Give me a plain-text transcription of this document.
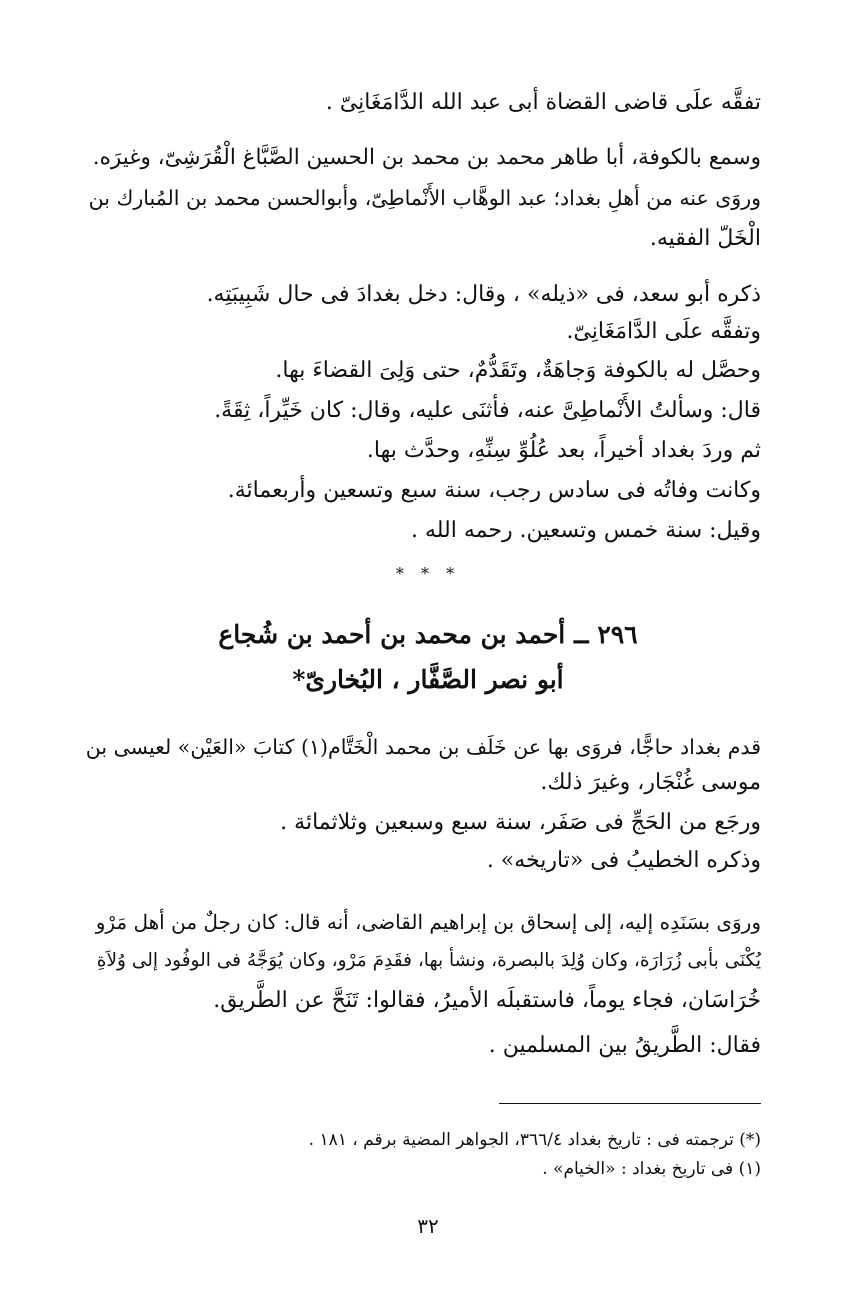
تفقَّه علَى قاضى القضاة أبى عبد الله الدَّامَغَانِىّ .
وسمع بالكوفة، أبا طاهر محمد بن محمد بن الحسين الصَّبَّاغ الْقُرَشِىّ، وغيرَه.
وروَى عنه من أهلِ بغداد؛ عبد الوهَّاب الأَنْماطِىّ، وأبوالحسن محمد بن المُبارك بن
الْخَلّ الفقيه.
ذكره أبو سعد، فى «ذيله» ، وقال: دخل بغدادَ فى حال شَبِيبَتِه.
وتفقَّه علَى الدَّامَغَانِىّ.
وحصَّل له بالكوفة وَجاهَةٌ، وتَقَدُّمٌ، حتى وَلِىَ القضاءَ بها.
قال: وسألتُ الأَنْماطِىَّ عنه، فأثنَى عليه، وقال: كان خَيِّراً، ثِقَةً.
ثم وردَ بغداد أخيراً، بعد عُلُوِّ سِنِّهِ، وحدَّث بها.
وكانت وفاتُه فى سادس رجب، سنة سبع وتسعين وأربعمائة.
وقيل: سنة خمس وتسعين. رحمه الله .
* * *
٢٩٦ ــ أحمد بن محمد بن أحمد بن شُجاع
أبو نصر الصَّفَّار ، البُخارىّ*
قدم بغداد حاجًّا، فروَى بها عن خَلَف بن محمد الْخَتَّام(١) كتابَ «العَيْن» لعيسى بن
موسى غُنْجَار، وغيرَ ذلك.
ورجَع من الحَجِّ فى صَفَر، سنة سبع وسبعين وثلاثمائة .
وذكره الخطيبُ فى «تاريخه» .
وروَى بسَنَدِه إليه، إلى إسحاق بن إبراهيم القاضى، أنه قال: كان رجلٌ من أهل مَرْو
يُكْنَى بأبى زُرَارَة، وكان وُلِدَ بالبصرة، ونشأ بها، فقَدِمَ مَرْو، وكان يُوَجَّهُ فى الوفُود إلى وُلاَةِ
خُرَاسَان، فجاء يوماً، فاستقبلَه الأميرُ، فقالوا: تَنَحَّ عن الطَّريق.
فقال: الطَّريقُ بين المسلمين .
(*) ترجمته فى : تاريخ بغداد ٣٦٦/٤، الجواهر المضية برقم ، ١٨١ .
(١) فى تاريخ بغداد : «الخيام» .
٣٢
